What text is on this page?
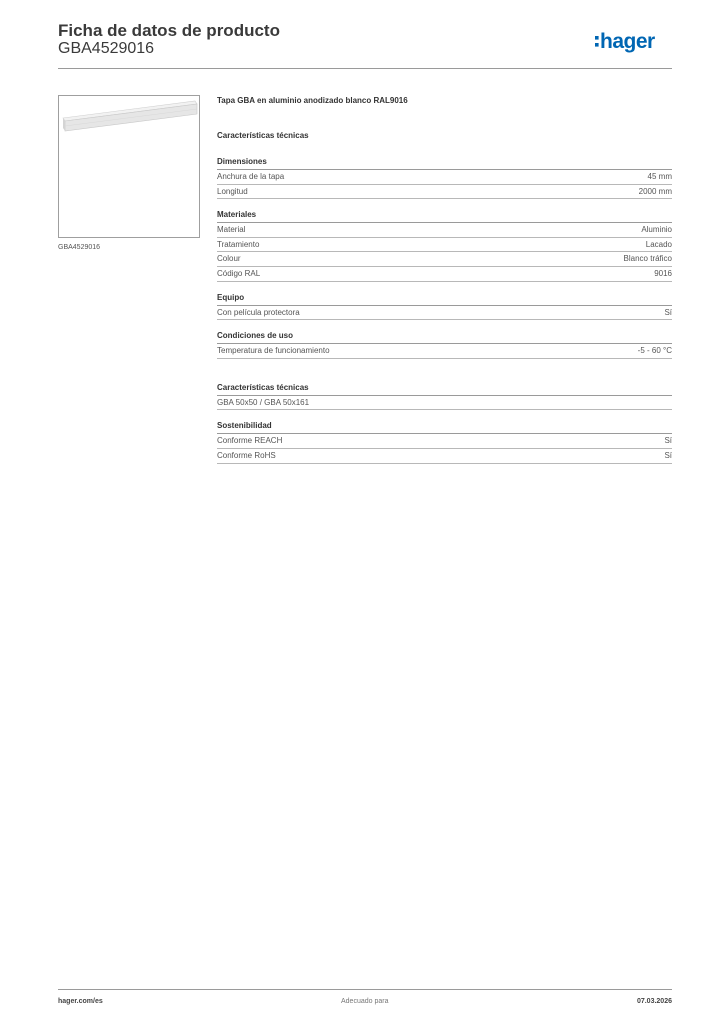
Ficha de datos de producto
GBA4529016	hager
GBA4529016
Tapa GBA en aluminio anodizado blanco RAL9016
Características técnicas
Dimensiones
Anchura de la tapa	45 mm
Longitud	2000 mm
Materiales
Material	Aluminio
Tratamiento	Lacado
Colour	Blanco tráfico
Código RAL	9016
Equipo
Con película protectora	Sí
Condiciones de uso
Temperatura de funcionamiento	-5 - 60 °C
Características técnicas
GBA 50x50 / GBA 50x161
Sostenibilidad
Conforme REACH	Sí
Conforme RoHS	Sí
hager.com/es	Adecuado para	07.03.2026
